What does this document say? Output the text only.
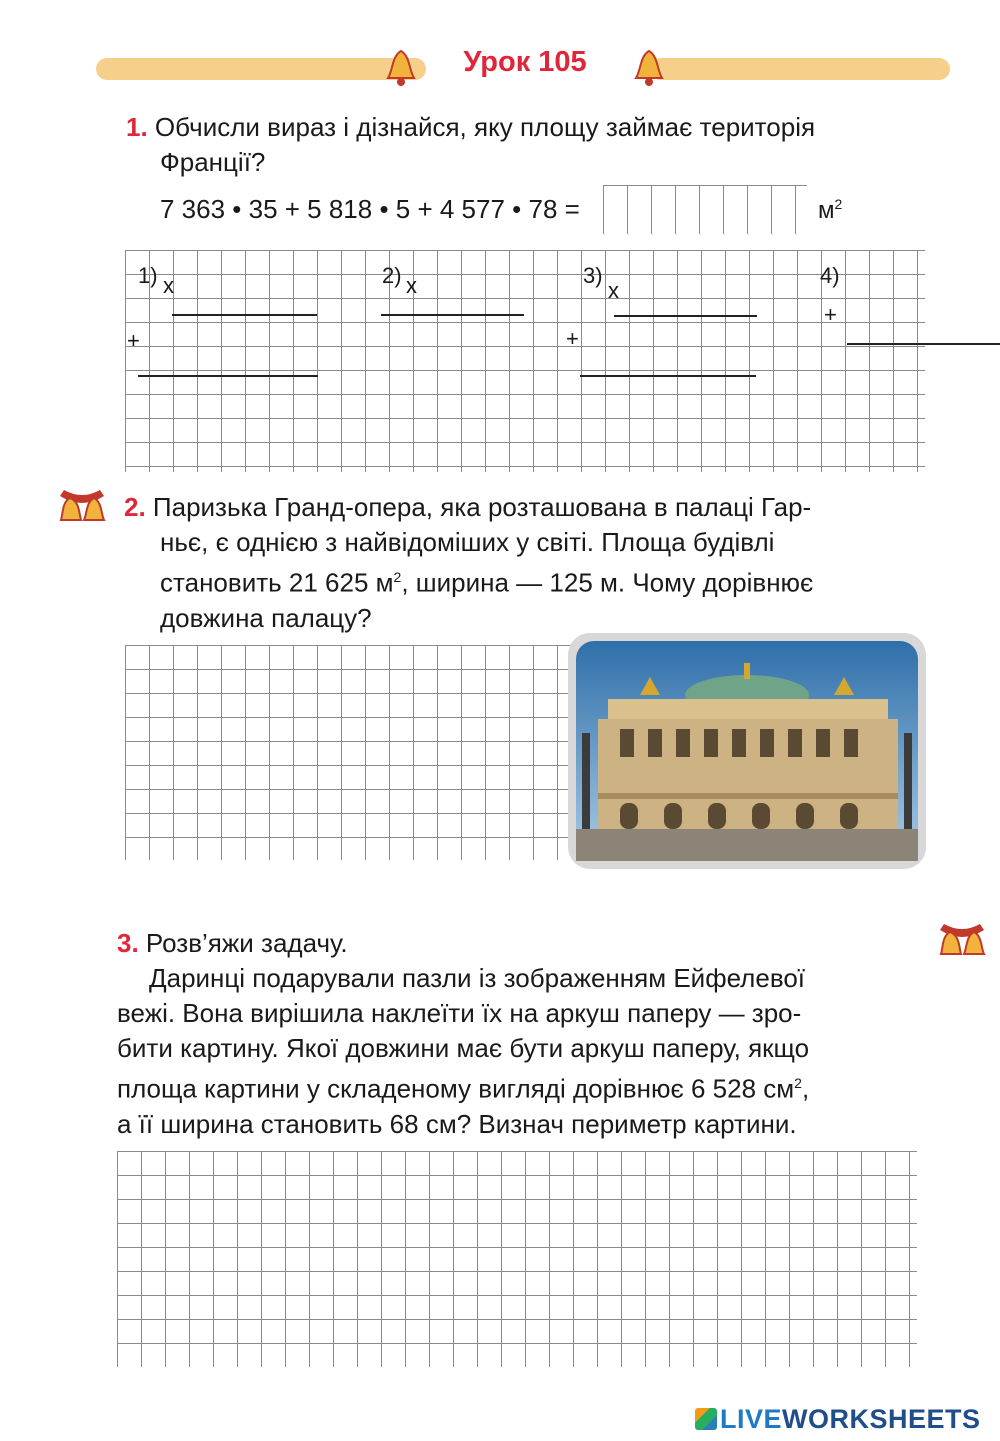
Урок 105
1. Обчисли вираз і дізнайся, яку площу займає територія
Франції?
7 363 • 35 + 5 818 • 5 + 4 577 • 78 =	$м^2$
1) x
+
2) x	3)
x
+
4)
+
2. Паризька Гранд-опера, яка розташована в палаці Гар-
ньє, є однією з найвідоміших у світі. Площа будівлі
становить 21 625 $м^2$, ширина — 125 м. Чому дорівнює
довжина палацу?
3. Розв’яжи задачу.
Даринці подарували пазли із зображенням Ейфелевої
вежі. Вона вирішила наклеїти їх на аркуш паперу — зро-
бити картину. Якої довжини має бути аркуш паперу, якщо
площа картини у складеному вигляді дорівнює 6 528 $см^2$,
а її ширина становить 68 см? Визнач периметр картини.
LIVEWORKSHEETS
